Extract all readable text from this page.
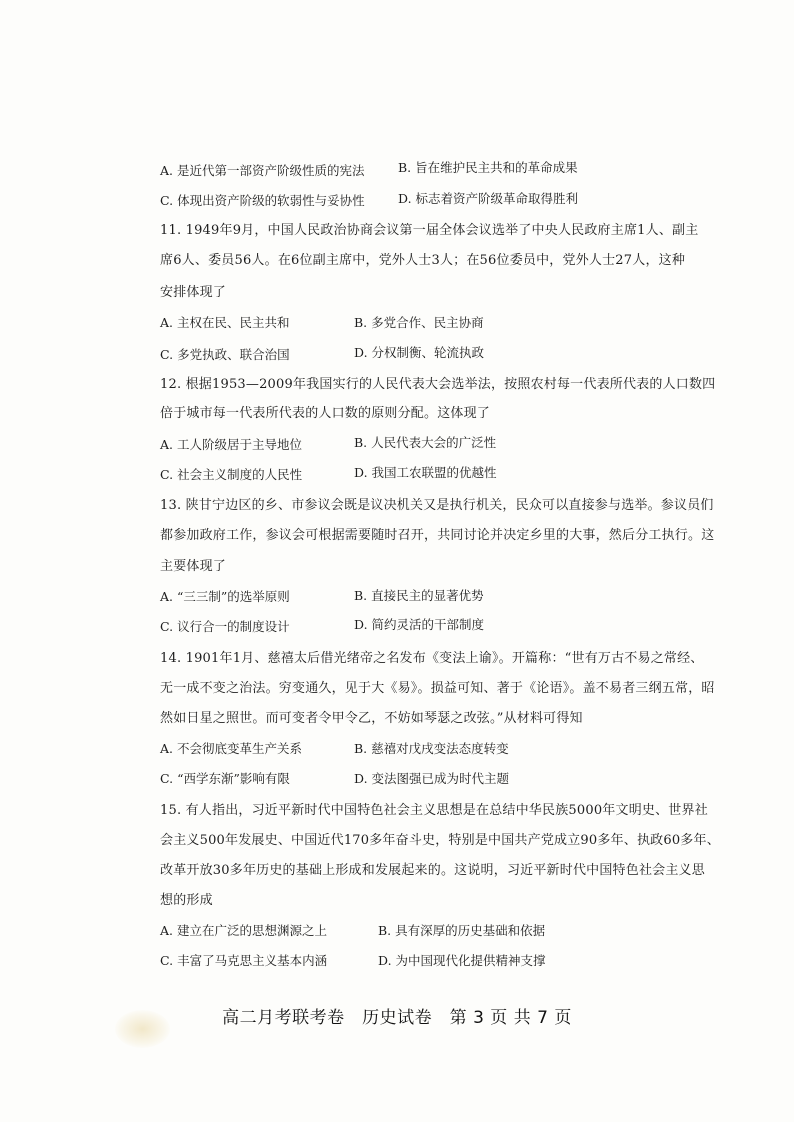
A. 是近代第一部资产阶级性质的宪法	B. 旨在维护民主共和的革命成果
C. 体现出资产阶级的软弱性与妥协性	D. 标志着资产阶级革命取得胜利
11. 1949年9月，中国人民政治协商会议第一届全体会议选举了中央人民政府主席1人、副主
席6人、委员56人。在6位副主席中，党外人士3人；在56位委员中，党外人士27人，这种
安排体现了
A. 主权在民、民主共和	B. 多党合作、民主协商
C. 多党执政、联合治国	D. 分权制衡、轮流执政
12. 根据1953—2009年我国实行的人民代表大会选举法，按照农村每一代表所代表的人口数四
倍于城市每一代表所代表的人口数的原则分配。这体现了
A. 工人阶级居于主导地位	B. 人民代表大会的广泛性
C. 社会主义制度的人民性	D. 我国工农联盟的优越性
13. 陕甘宁边区的乡、市参议会既是议决机关又是执行机关，民众可以直接参与选举。参议员们
都参加政府工作，参议会可根据需要随时召开，共同讨论并决定乡里的大事，然后分工执行。这
主要体现了
A. “三三制”的选举原则	B. 直接民主的显著优势
C. 议行合一的制度设计	D. 简约灵活的干部制度
14. 1901年1月、慈禧太后借光绪帝之名发布《变法上谕》。开篇称：“世有万古不易之常经、
无一成不变之治法。穷变通久，见于大《易》。损益可知、著于《论语》。盖不易者三纲五常，昭
然如日星之照世。而可变者令甲令乙，不妨如琴瑟之改弦。”从材料可得知
A. 不会彻底变革生产关系	B. 慈禧对戊戌变法态度转变
C. “西学东渐”影响有限	D. 变法图强已成为时代主题
15. 有人指出，习近平新时代中国特色社会主义思想是在总结中华民族5000年文明史、世界社
会主义500年发展史、中国近代170多年奋斗史，特别是中国共产党成立90多年、执政60多年、
改革开放30多年历史的基础上形成和发展起来的。这说明，习近平新时代中国特色社会主义思
想的形成
A. 建立在广泛的思想渊源之上	B. 具有深厚的历史基础和依据
C. 丰富了马克思主义基本内涵	D. 为中国现代化提供精神支撑
高二月考联考卷　历史试卷　第 3 页 共 7 页
